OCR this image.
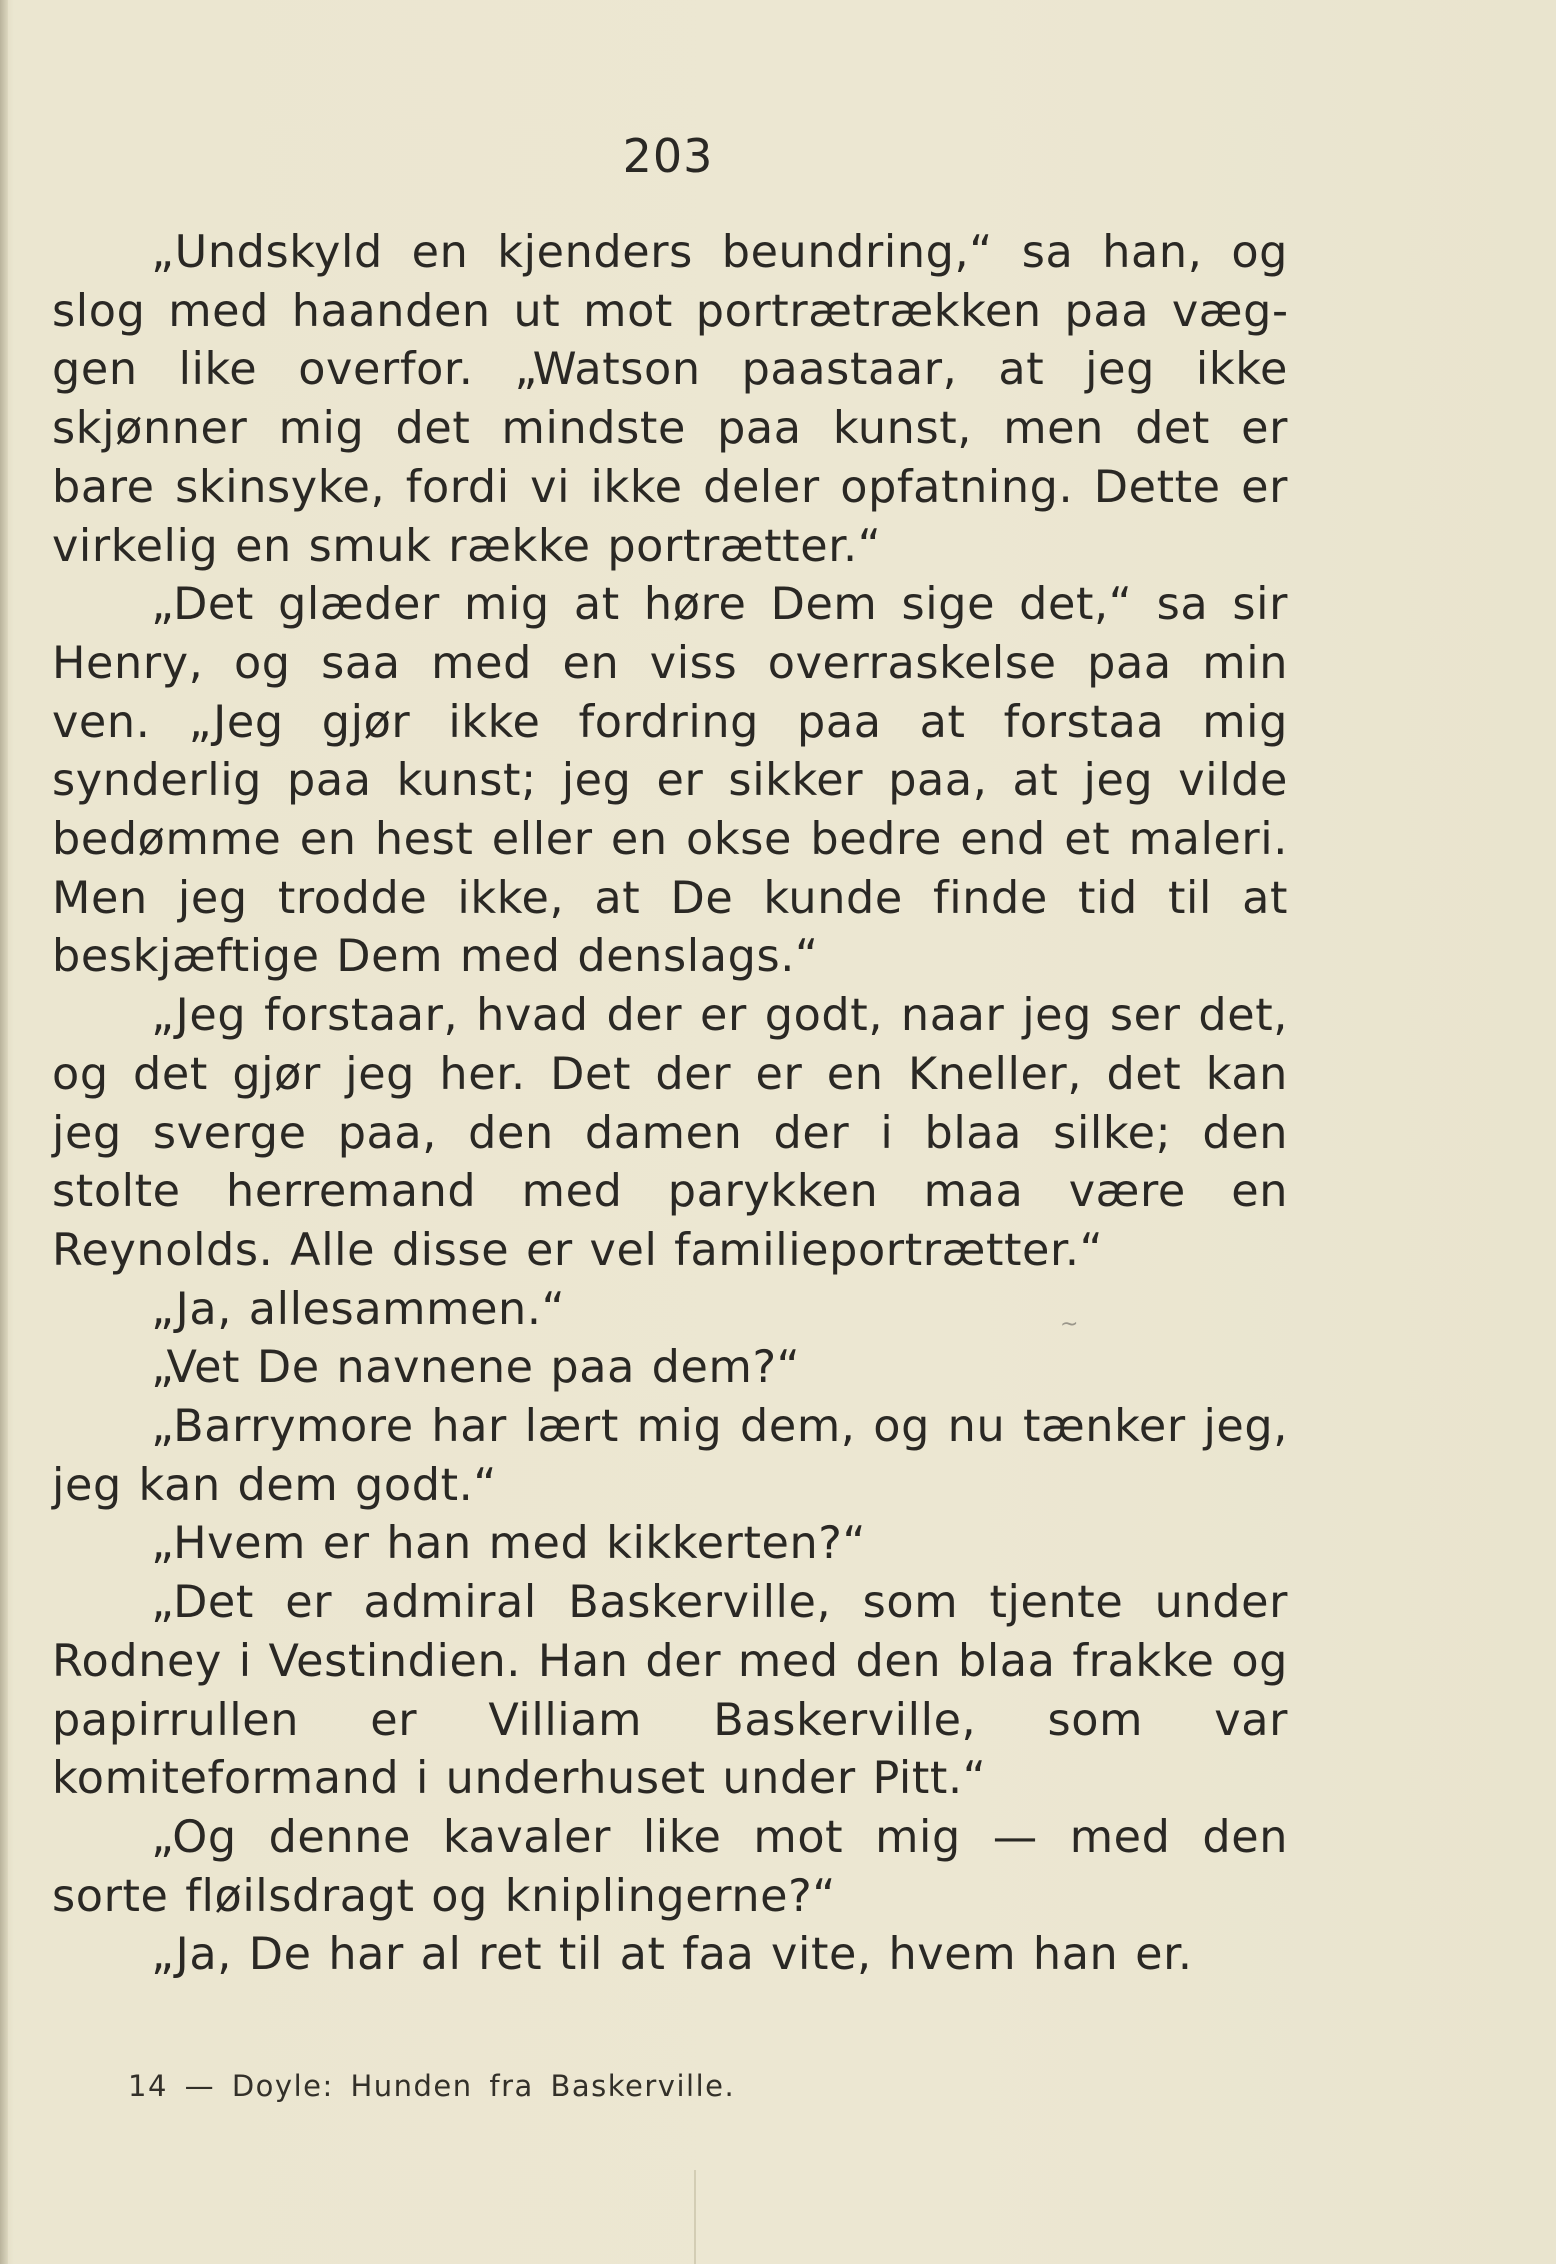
203

„Undskyld en kjenders beundring,“ sa han, og slog med haanden ut mot portrætrækken paa væggen like overfor. „Watson paastaar, at jeg ikke skjønner mig det mindste paa kunst, men det er bare skinsyke, fordi vi ikke deler opfatning. Dette er virkelig en smuk række portrætter.“

„Det glæder mig at høre Dem sige det,“ sa sir Henry, og saa med en viss overraskelse paa min ven. „Jeg gjør ikke fordring paa at forstaa mig synderlig paa kunst; jeg er sikker paa, at jeg vilde bedømme en hest eller en okse bedre end et maleri. Men jeg trodde ikke, at De kunde finde tid til at beskjæftige Dem med denslags.“

„Jeg forstaar, hvad der er godt, naar jeg ser det, og det gjør jeg her. Det der er en Kneller, det kan jeg sverge paa, den damen der i blaa silke; den stolte herremand med parykken maa være en Reynolds. Alle disse er vel familieportrætter.“

„Ja, allesammen.“

„Vet De navnene paa dem?“

„Barrymore har lært mig dem, og nu tænker jeg, jeg kan dem godt.“

„Hvem er han med kikkerten?“

„Det er admiral Baskerville, som tjente under Rodney i Vestindien. Han der med den blaa frakke og papirrullen er Villiam Baskerville, som var komiteformand i underhuset under Pitt.“

„Og denne kavaler like mot mig — med den sorte fløilsdragt og kniplingerne?“

„Ja, De har al ret til at faa vite, hvem han er.

~
14 — Doyle: Hunden fra Baskerville.
